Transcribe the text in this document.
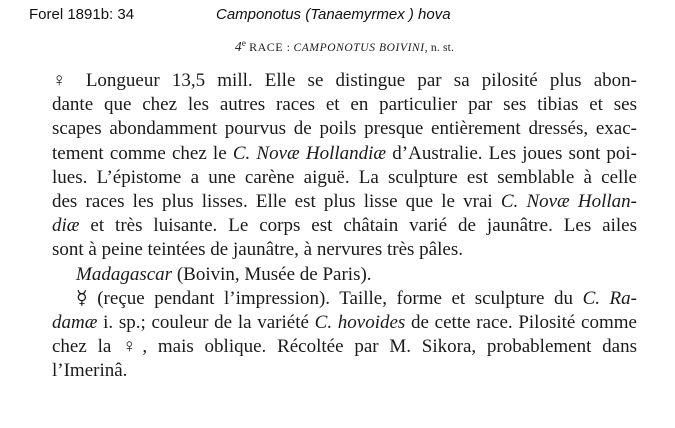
Forel 1891b: 34	Camponotus (Tanaemyrmex ) hova
4e RACE : CAMPONOTUS BOIVINI, n. st.
♀ Longueur 13,5 mill. Elle se distingue par sa pilosité plus abon-
dante que chez les autres races et en particulier par ses tibias et ses
scapes abondamment pourvus de poils presque entièrement dressés, exac-
tement comme chez le C. Novæ Hollandiæ d’Australie. Les joues sont poi-
lues. L’épistome a une carène aiguë. La sculpture est semblable à celle
des races les plus lisses. Elle est plus lisse que le vrai C. Novæ Hollan-
diæ et très luisante. Le corps est châtain varié de jaunâtre. Les ailes
sont à peine teintées de jaunâtre, à nervures très pâles.
Madagascar (Boivin, Musée de Paris).
☿ (reçue pendant l’impression). Taille, forme et sculpture du C. Ra-
damæ i. sp.; couleur de la variété C. hovoides de cette race. Pilosité comme
chez la ♀, mais oblique. Récoltée par M. Sikora, probablement dans
l’Imerinâ.
